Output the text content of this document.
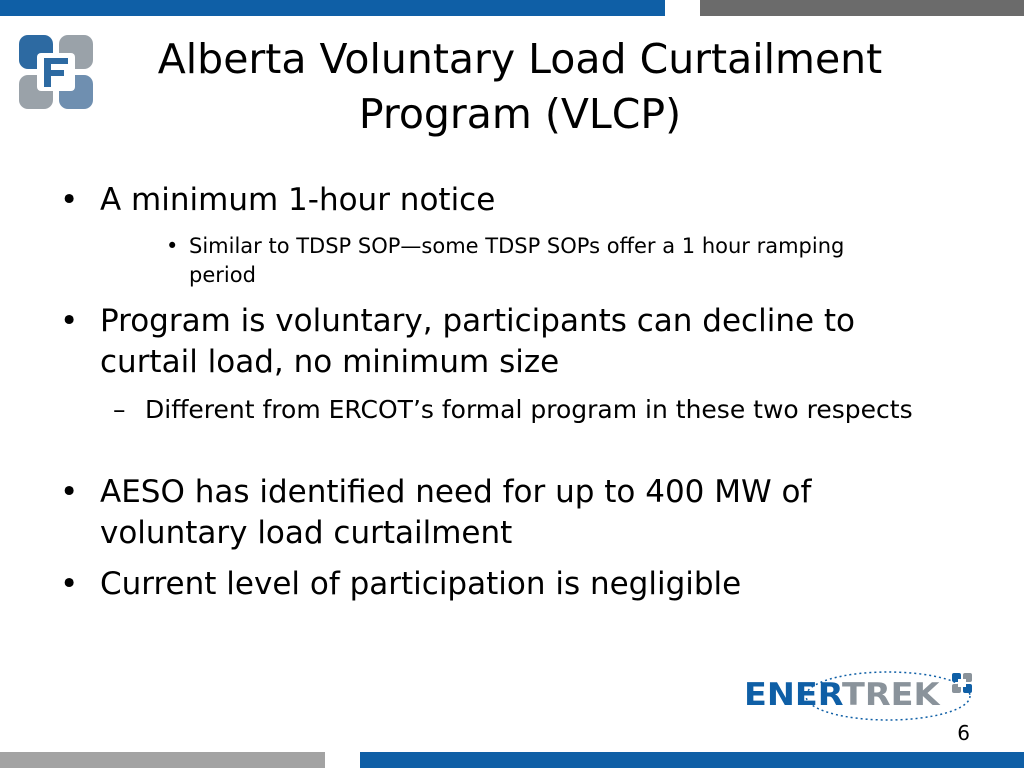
Alberta Voluntary Load Curtailment
Program (VLCP)

• A minimum 1-hour notice

• Similar to TDSP SOP—some TDSP SOPs offer a 1 hour ramping period

• Program is voluntary, participants can decline to curtail load, no minimum size

– Different from ERCOT’s formal program in these two respects

• AESO has identified need for up to 400 MW of voluntary load curtailment

• Current level of participation is negligible

ENERTREK
6
